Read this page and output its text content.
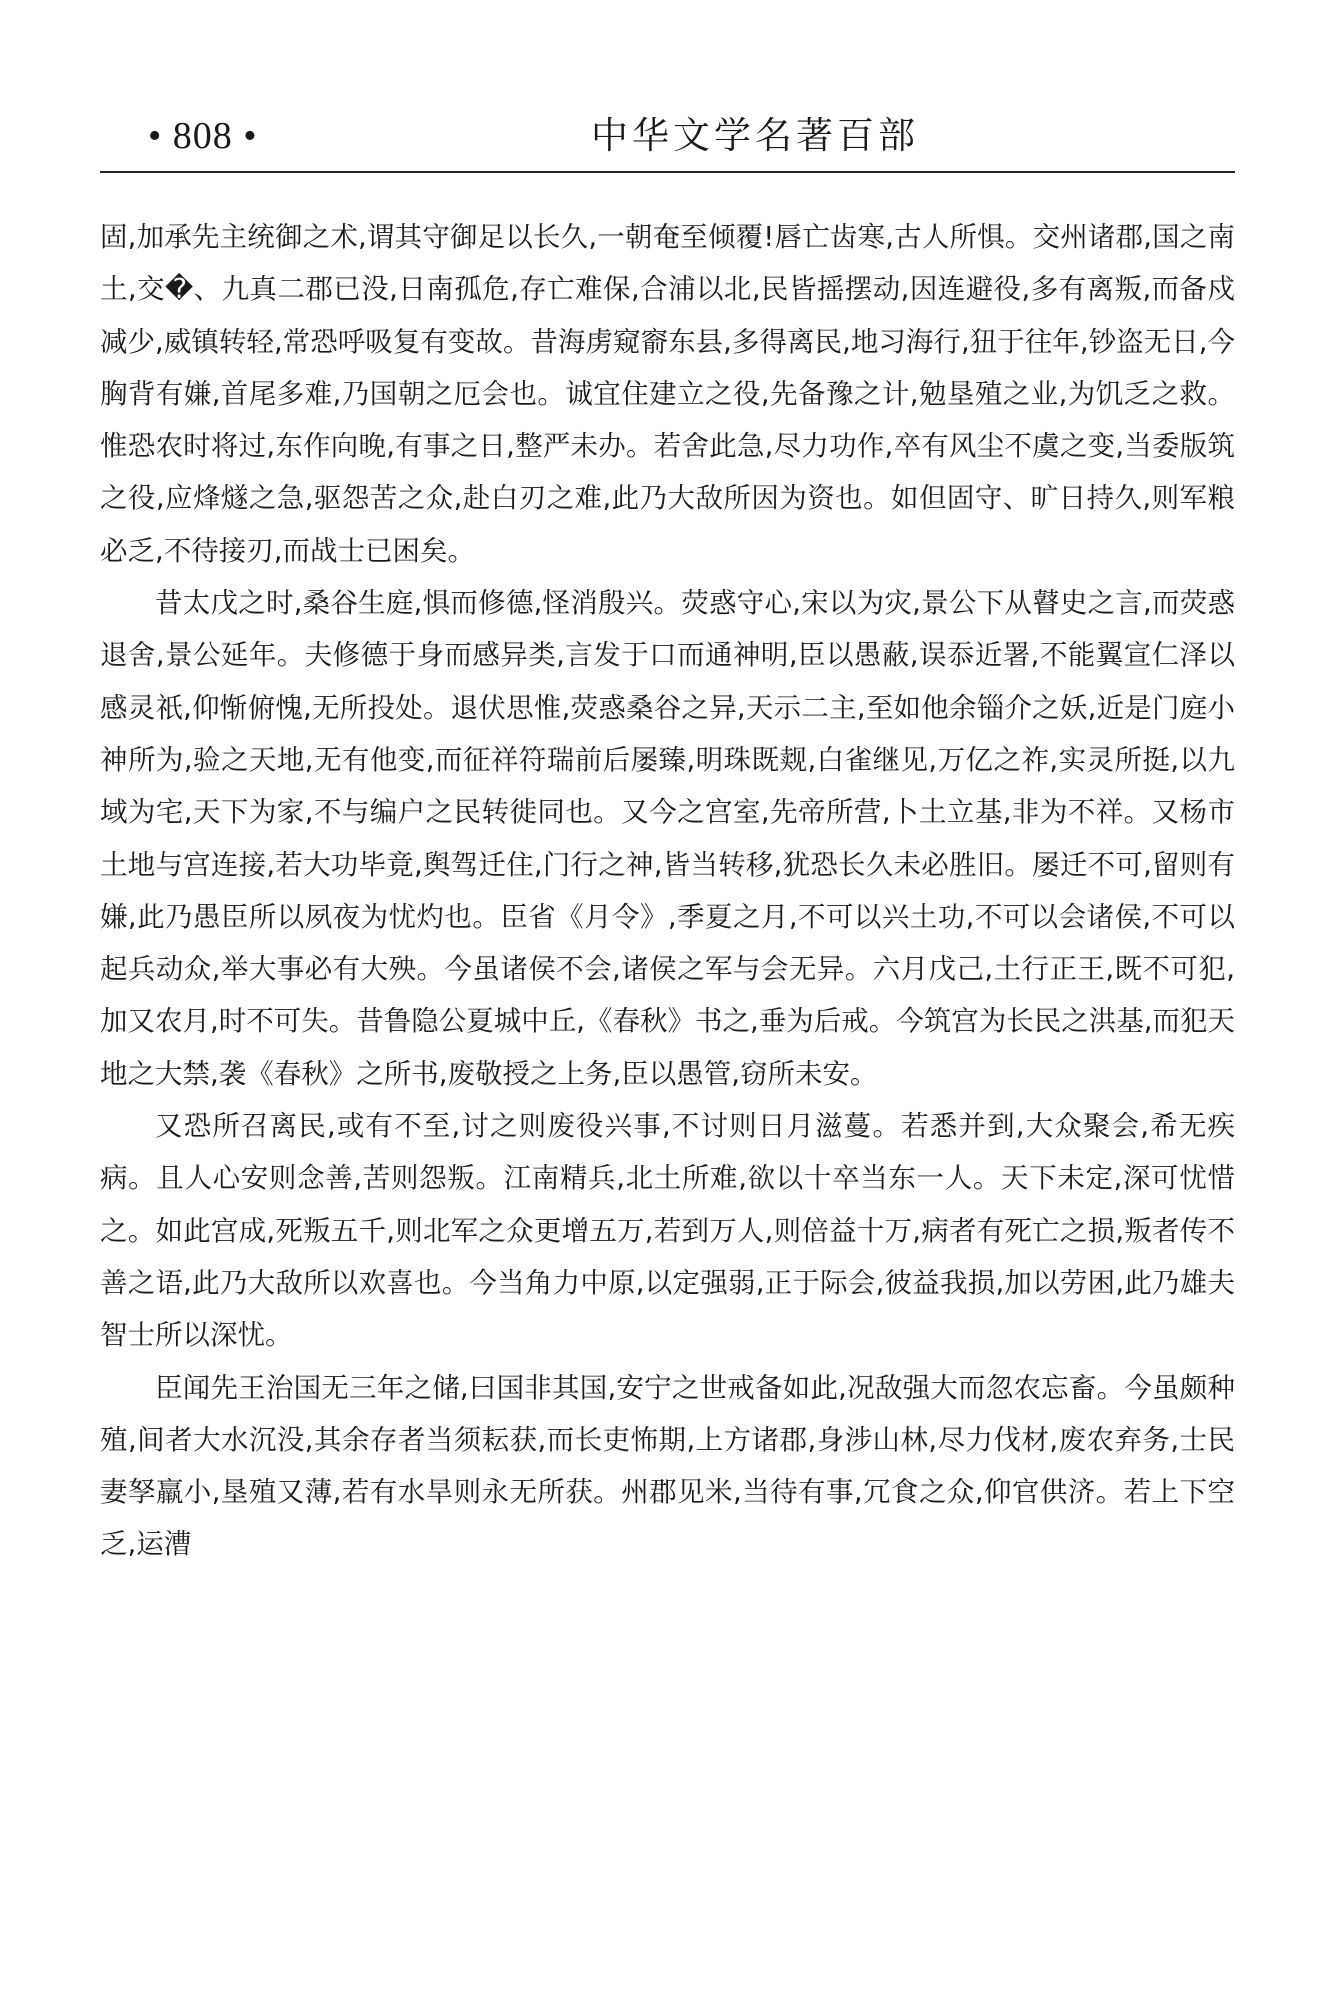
• 808 •	中华文学名著百部

固,加承先主统御之术,谓其守御足以长久,一朝奄至倾覆!唇亡齿寒,古人所惧。交州诸郡,国之南土,交�、九真二郡已没,日南孤危,存亡难保,合浦以北,民皆摇摆动,因连避役,多有离叛,而备戍减少,威镇转轻,常恐呼吸复有变故。昔海虏窥窬东县,多得离民,地习海行,狃于往年,钞盗无日,今胸背有嫌,首尾多难,乃国朝之厄会也。诚宜住建立之役,先备豫之计,勉垦殖之业,为饥乏之救。惟恐农时将过,东作向晚,有事之日,整严未办。若舍此急,尽力功作,卒有风尘不虞之变,当委版筑之役,应烽燧之急,驱怨苦之众,赴白刃之难,此乃大敌所因为资也。如但固守、旷日持久,则军粮必乏,不待接刃,而战士已困矣。

昔太戊之时,桑谷生庭,惧而修德,怪消殷兴。荧惑守心,宋以为灾,景公下从瞽史之言,而荧惑退舍,景公延年。夫修德于身而感异类,言发于口而通神明,臣以愚蔽,误忝近署,不能翼宣仁泽以感灵祇,仰惭俯愧,无所投处。退伏思惟,荧惑桑谷之异,天示二主,至如他余锱介之妖,近是门庭小神所为,验之天地,无有他变,而征祥符瑞前后屡臻,明珠既觌,白雀继见,万亿之祚,实灵所挺,以九域为宅,天下为家,不与编户之民转徙同也。又今之宫室,先帝所营,卜土立基,非为不祥。又杨市土地与宫连接,若大功毕竟,舆驾迁住,门行之神,皆当转移,犹恐长久未必胜旧。屡迁不可,留则有嫌,此乃愚臣所以夙夜为忧灼也。臣省《月令》,季夏之月,不可以兴土功,不可以会诸侯,不可以起兵动众,举大事必有大殃。今虽诸侯不会,诸侯之军与会无异。六月戊己,土行正王,既不可犯,加又农月,时不可失。昔鲁隐公夏城中丘,《春秋》书之,垂为后戒。今筑宫为长民之洪基,而犯天地之大禁,袭《春秋》之所书,废敬授之上务,臣以愚管,窃所未安。

又恐所召离民,或有不至,讨之则废役兴事,不讨则日月滋蔓。若悉并到,大众聚会,希无疾病。且人心安则念善,苦则怨叛。江南精兵,北土所难,欲以十卒当东一人。天下未定,深可忧惜之。如此宫成,死叛五千,则北军之众更增五万,若到万人,则倍益十万,病者有死亡之损,叛者传不善之语,此乃大敌所以欢喜也。今当角力中原,以定强弱,正于际会,彼益我损,加以劳困,此乃雄夫智士所以深忧。

臣闻先王治国无三年之储,曰国非其国,安宁之世戒备如此,况敌强大而忽农忘畜。今虽颇种殖,间者大水沉没,其余存者当须耘获,而长吏怖期,上方诸郡,身涉山林,尽力伐材,废农弃务,士民妻孥羸小,垦殖又薄,若有水旱则永无所获。州郡见米,当待有事,冗食之众,仰官供济。若上下空乏,运漕
